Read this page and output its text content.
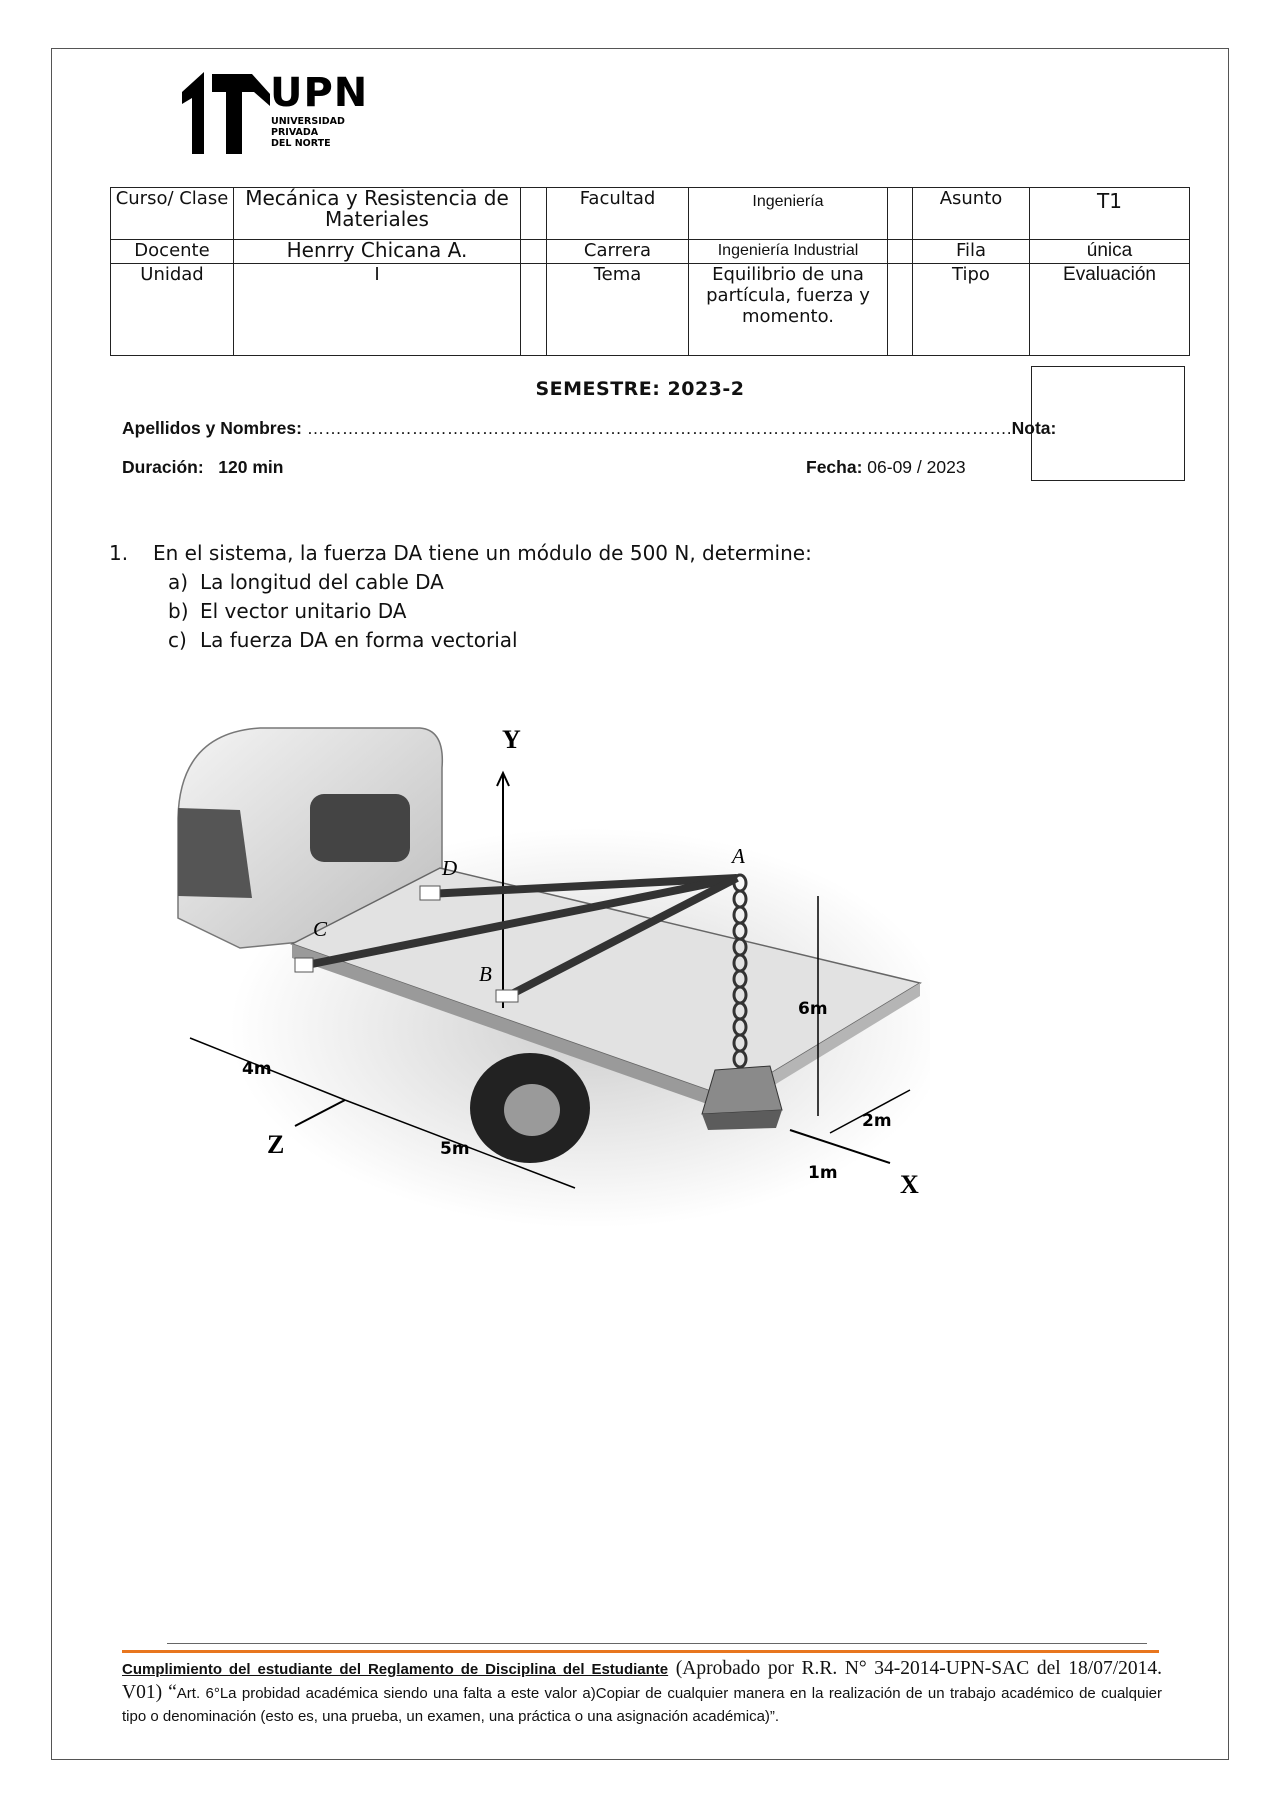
UPN
UNIVERSIDAD
PRIVADA
DEL NORTE
Curso/ Clase	Mecánica y Resistencia de Materiales		Facultad	Ingeniería		Asunto	T1
Docente	Henrry Chicana A.		Carrera	Ingeniería Industrial		Fila	única
Unidad	I		Tema	Equilibrio de una partícula, fuerza y momento.		Tipo	Evaluación
SEMESTRE: 2023-2
Apellidos y Nombres: ………………………………………………………………………………………………………….Nota:
Duración: 120 min	Fecha: 06-09 / 2023
1. En el sistema, la fuerza DA tiene un módulo de 500 N, determine:
a) La longitud del cable DA
b) El vector unitario DA
c) La fuerza DA en forma vectorial
Y
X
Z
A
B
C
D
6m
4m
5m
2m
1m
Cumplimiento del estudiante del Reglamento de Disciplina del Estudiante (Aprobado por R.R. N° 34-2014-UPN-SAC del 18/07/2014. V01) “Art. 6°La probidad académica siendo una falta a este valor a)Copiar de cualquier manera en la realización de un trabajo académico de cualquier tipo o denominación (esto es, una prueba, un examen, una práctica o una asignación académica)”.
